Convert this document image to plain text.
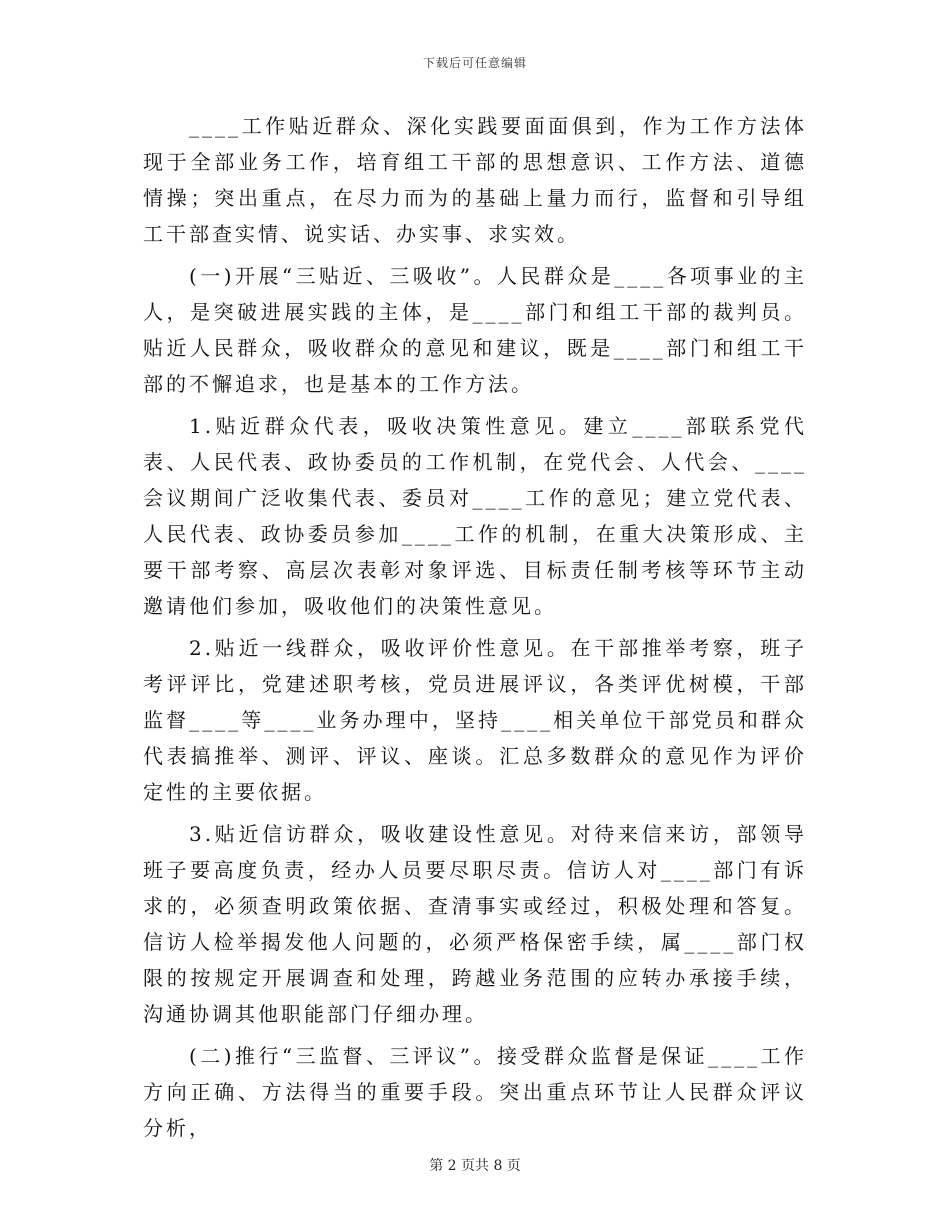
下载后可任意编辑

____工作贴近群众、深化实践要面面俱到，作为工作方法体现于全部业务工作，培育组工干部的思想意识、工作方法、道德情操；突出重点，在尽力而为的基础上量力而行，监督和引导组工干部查实情、说实话、办实事、求实效。

(一)开展“三贴近、三吸收”。人民群众是____各项事业的主人，是突破进展实践的主体，是____部门和组工干部的裁判员。贴近人民群众，吸收群众的意见和建议，既是____部门和组工干部的不懈追求，也是基本的工作方法。

1.贴近群众代表，吸收决策性意见。建立____部联系党代表、人民代表、政协委员的工作机制，在党代会、人代会、____会议期间广泛收集代表、委员对____工作的意见；建立党代表、人民代表、政协委员参加____工作的机制，在重大决策形成、主要干部考察、高层次表彰对象评选、目标责任制考核等环节主动邀请他们参加，吸收他们的决策性意见。

2.贴近一线群众，吸收评价性意见。在干部推举考察，班子考评评比，党建述职考核，党员进展评议，各类评优树模，干部监督____等____业务办理中，坚持____相关单位干部党员和群众代表搞推举、测评、评议、座谈。汇总多数群众的意见作为评价定性的主要依据。

3.贴近信访群众，吸收建设性意见。对待来信来访，部领导班子要高度负责，经办人员要尽职尽责。信访人对____部门有诉求的，必须查明政策依据、查清事实或经过，积极处理和答复。信访人检举揭发他人问题的，必须严格保密手续，属____部门权限的按规定开展调查和处理，跨越业务范围的应转办承接手续，沟通协调其他职能部门仔细办理。

(二)推行“三监督、三评议”。接受群众监督是保证____工作方向正确、方法得当的重要手段。突出重点环节让人民群众评议分析，

第 2 页共 8 页
